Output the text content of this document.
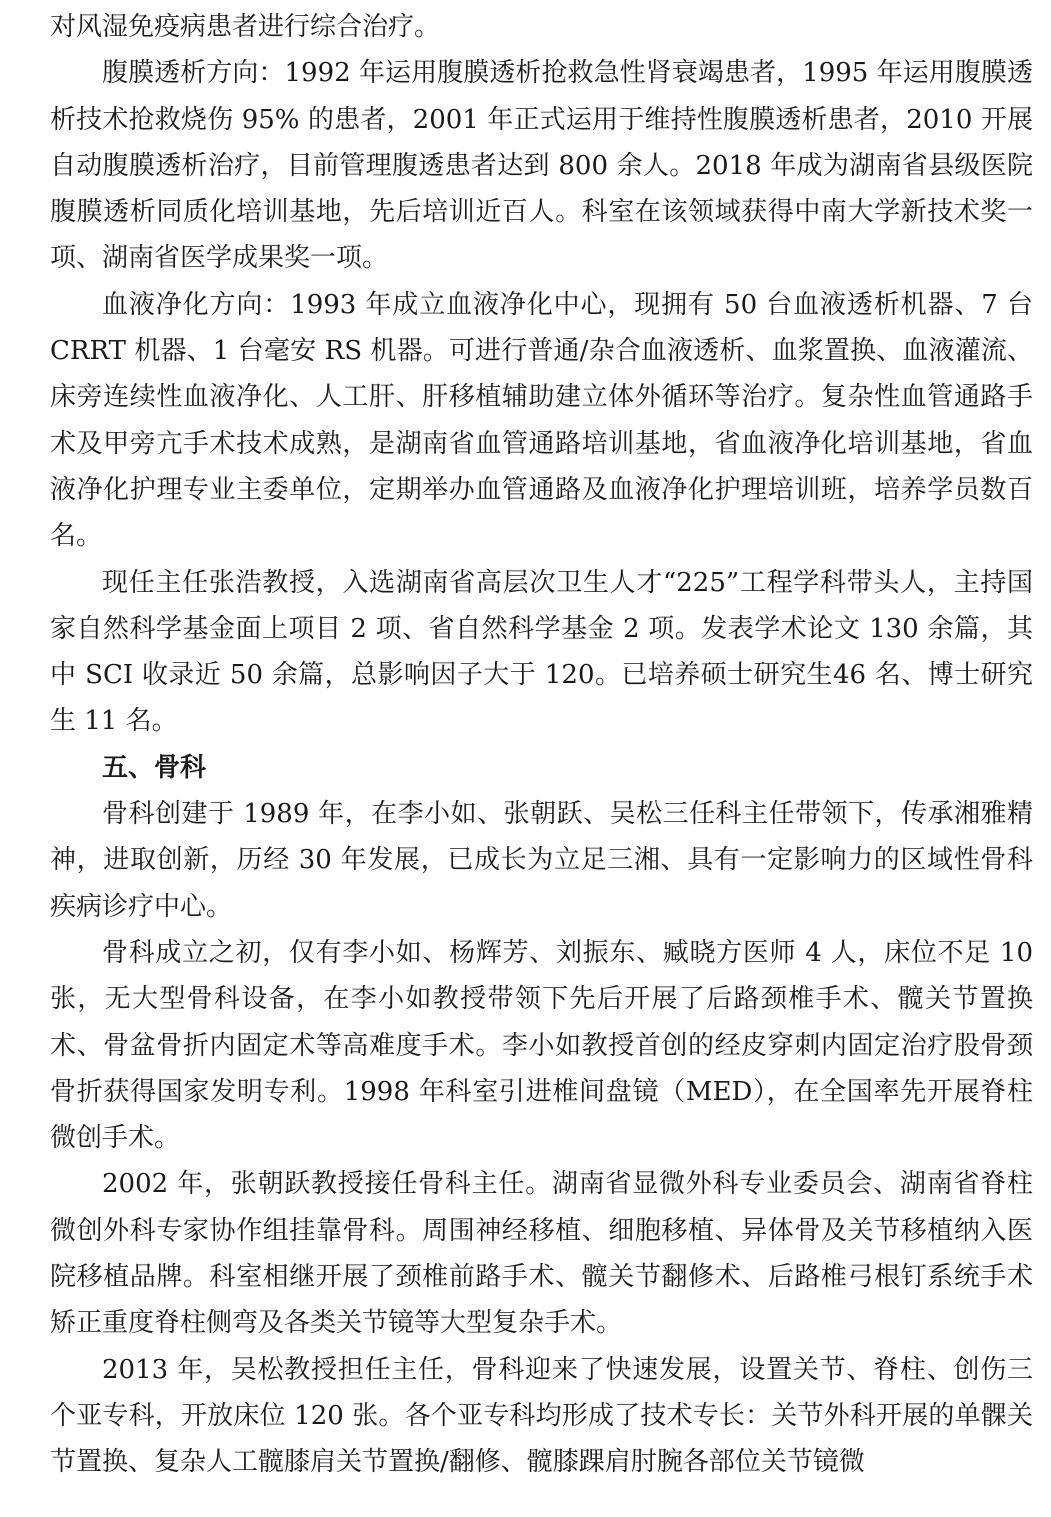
对风湿免疫病患者进行综合治疗。

腹膜透析方向：1992 年运用腹膜透析抢救急性肾衰竭患者，1995 年运用腹膜透析技术抢救烧伤 95% 的患者，2001 年正式运用于维持性腹膜透析患者，2010 开展自动腹膜透析治疗，目前管理腹透患者达到 800 余人。2018 年成为湖南省县级医院腹膜透析同质化培训基地，先后培训近百人。科室在该领域获得中南大学新技术奖一项、湖南省医学成果奖一项。

血液净化方向：1993 年成立血液净化中心，现拥有 50 台血液透析机器、7 台 CRRT 机器、1 台毫安 RS 机器。可进行普通/杂合血液透析、血浆置换、血液灌流、床旁连续性血液净化、人工肝、肝移植辅助建立体外循环等治疗。复杂性血管通路手术及甲旁亢手术技术成熟，是湖南省血管通路培训基地，省血液净化培训基地，省血液净化护理专业主委单位，定期举办血管通路及血液净化护理培训班，培养学员数百名。

现任主任张浩教授，入选湖南省高层次卫生人才“225”工程学科带头人，主持国家自然科学基金面上项目 2 项、省自然科学基金 2 项。发表学术论文 130 余篇，其中 SCI 收录近 50 余篇，总影响因子大于 120。已培养硕士研究生46 名、博士研究生 11 名。

五、骨科

骨科创建于 1989 年，在李小如、张朝跃、吴松三任科主任带领下，传承湘雅精神，进取创新，历经 30 年发展，已成长为立足三湘、具有一定影响力的区域性骨科疾病诊疗中心。

骨科成立之初，仅有李小如、杨辉芳、刘振东、臧晓方医师 4 人，床位不足 10 张，无大型骨科设备，在李小如教授带领下先后开展了后路颈椎手术、髋关节置换术、骨盆骨折内固定术等高难度手术。李小如教授首创的经皮穿刺内固定治疗股骨颈骨折获得国家发明专利。1998 年科室引进椎间盘镜（MED），在全国率先开展脊柱微创手术。

2002 年，张朝跃教授接任骨科主任。湖南省显微外科专业委员会、湖南省脊柱微创外科专家协作组挂靠骨科。周围神经移植、细胞移植、异体骨及关节移植纳入医院移植品牌。科室相继开展了颈椎前路手术、髋关节翻修术、后路椎弓根钉系统手术矫正重度脊柱侧弯及各类关节镜等大型复杂手术。

2013 年，吴松教授担任主任，骨科迎来了快速发展，设置关节、脊柱、创伤三个亚专科，开放床位 120 张。各个亚专科均形成了技术专长：关节外科开展的单髁关节置换、复杂人工髋膝肩关节置换/翻修、髋膝踝肩肘腕各部位关节镜微
